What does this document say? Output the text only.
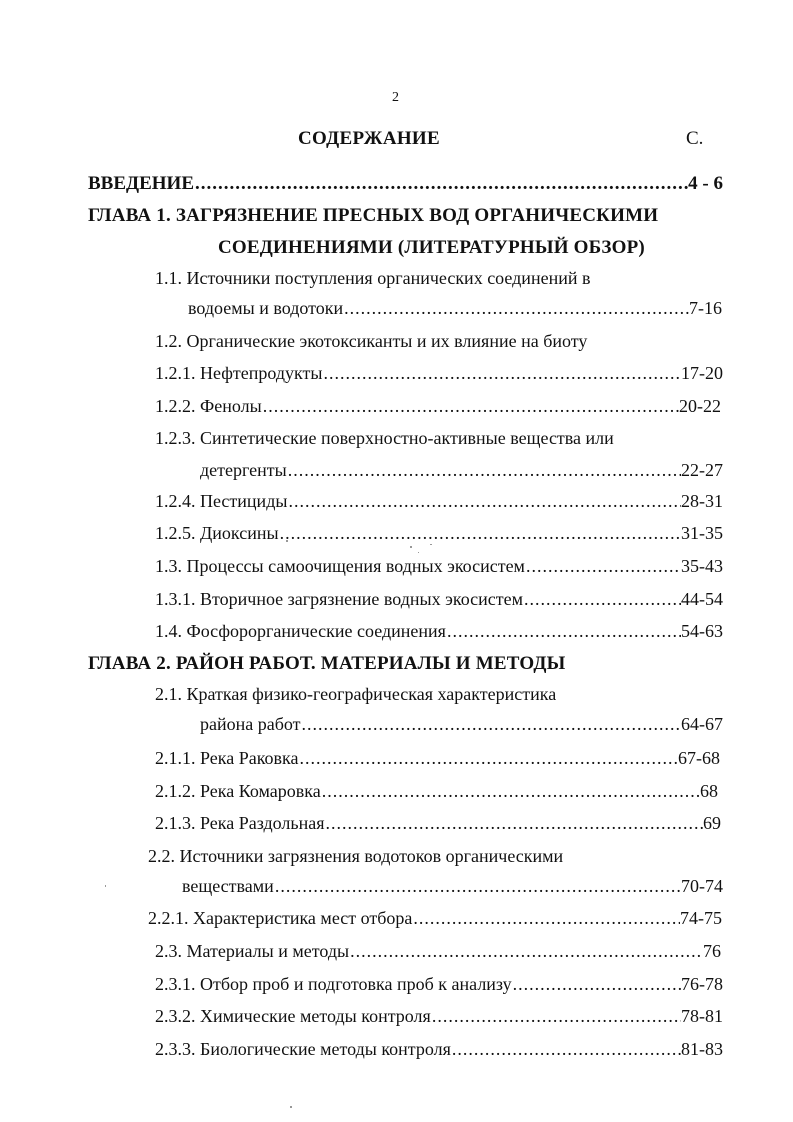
2
СОДЕРЖАНИЕ	С.
ВВЕДЕНИЕ .....	4 - 6
ГЛАВА 1. ЗАГРЯЗНЕНИЕ ПРЕСНЫХ ВОД ОРГАНИЧЕСКИМИ
СОЕДИНЕНИЯМИ (ЛИТЕРАТУРНЫЙ ОБЗОР)
1.1. Источники поступления органических соединений в
водоемы и водотоки .....	7-16
1.2. Органические экотоксиканты и их влияние на биоту
1.2.1. Нефтепродукты .....	17-20
1.2.2. Фенолы .....	20-22
1.2.3. Синтетические поверхностно-активные вещества или
детергенты .....	22-27
1.2.4. Пестициды .....	28-31
1.2.5. Диоксины .....	31-35
1.3. Процессы самоочищения водных экосистем .....	35-43
1.3.1. Вторичное загрязнение водных экосистем .....	44-54
1.4. Фосфорорганические соединения .....	54-63
ГЛАВА 2. РАЙОН РАБОТ. МАТЕРИАЛЫ И МЕТОДЫ
2.1. Краткая физико-географическая характеристика
района работ .....	64-67
2.1.1. Река Раковка .....	67-68
2.1.2. Река Комаровка .....	68
2.1.3. Река Раздольная .....	69
2.2. Источники загрязнения водотоков органическими
веществами .....	70-74
2.2.1. Характеристика мест отбора .....	74-75
2.3. Материалы и методы .....	76
2.3.1. Отбор проб и подготовка проб к анализу .....	76-78
2.3.2. Химические методы контроля .....	78-81
2.3.3. Биологические методы контроля .....	81-83
